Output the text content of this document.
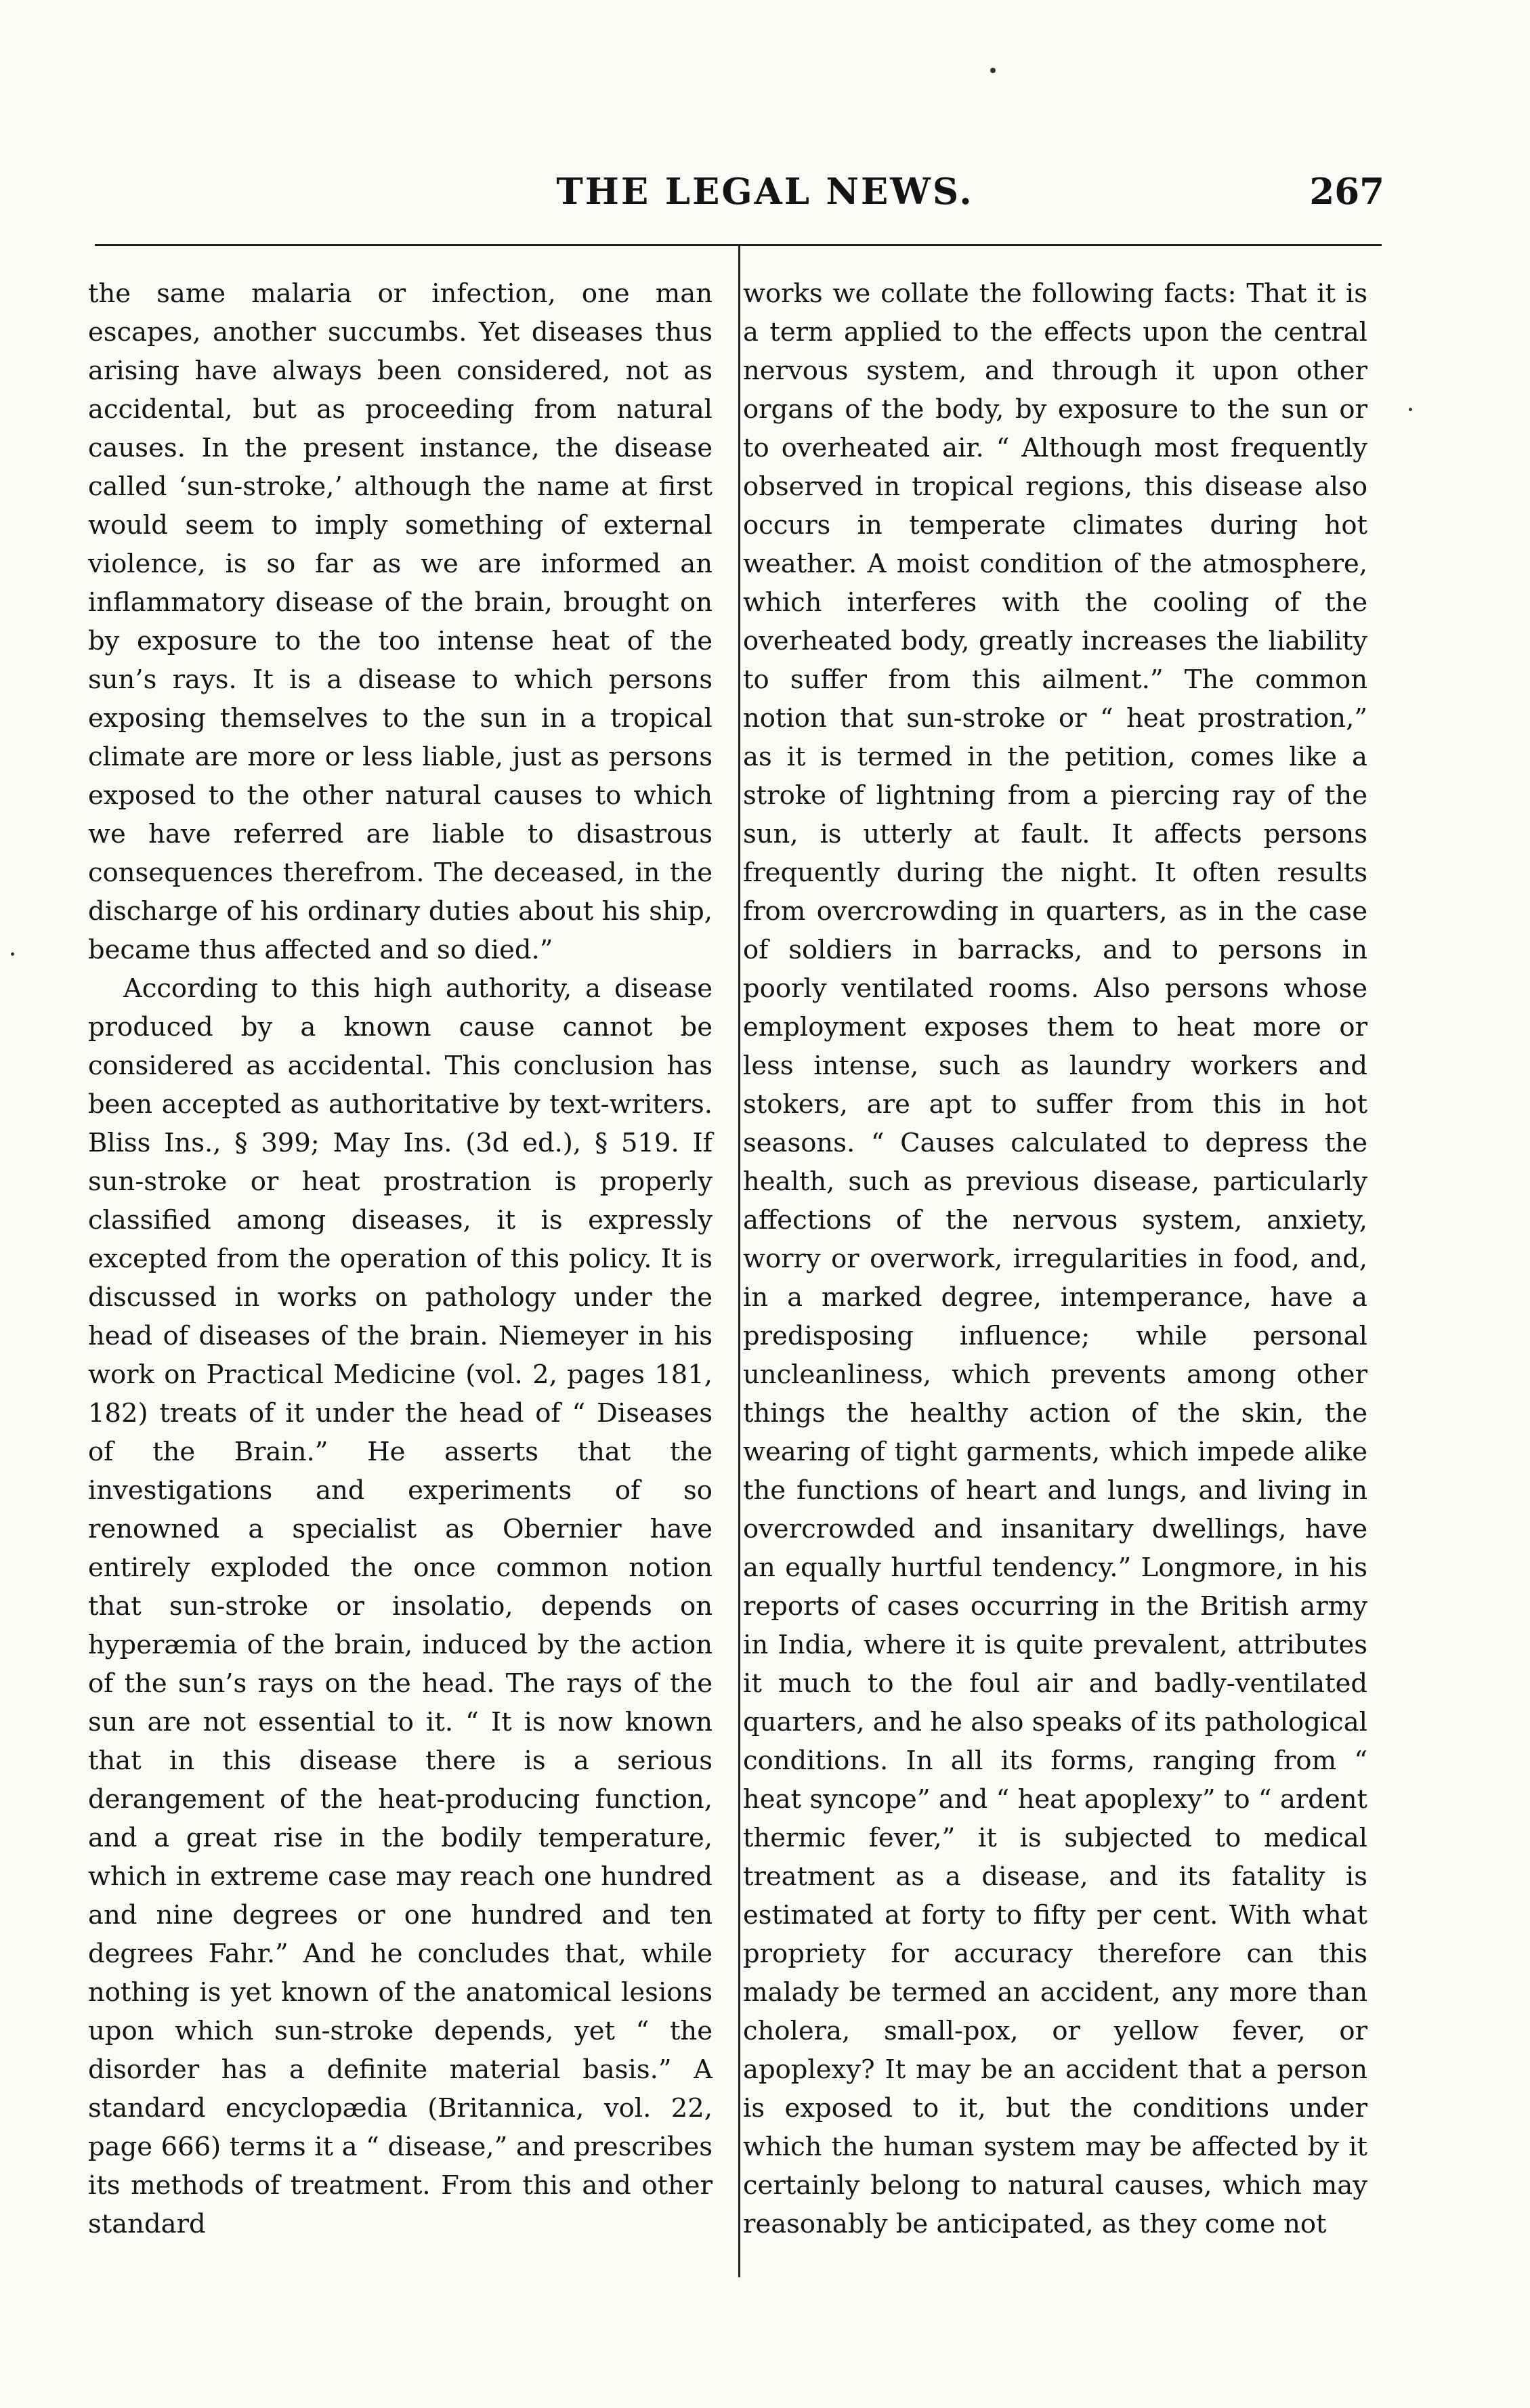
THE LEGAL NEWS.	267

the same malaria or infection, one man escapes, another succumbs. Yet diseases thus arising have always been considered, not as accidental, but as proceeding from natural causes. In the present instance, the disease called ‘sun-stroke,’ although the name at first would seem to imply something of external violence, is so far as we are informed an inflammatory disease of the brain, brought on by exposure to the too intense heat of the sun’s rays. It is a disease to which persons exposing themselves to the sun in a tropical climate are more or less liable, just as persons exposed to the other natural causes to which we have referred are liable to disastrous consequences therefrom. The deceased, in the discharge of his ordinary duties about his ship, became thus affected and so died.”

According to this high authority, a disease produced by a known cause cannot be considered as accidental. This conclusion has been accepted as authoritative by text-writers. Bliss Ins., § 399; May Ins. (3d ed.), § 519. If sun-stroke or heat prostration is properly classified among diseases, it is expressly excepted from the operation of this policy. It is discussed in works on pathology under the head of diseases of the brain. Niemeyer in his work on Practical Medicine (vol. 2, pages 181, 182) treats of it under the head of “ Diseases of the Brain.” He asserts that the investigations and experiments of so renowned a specialist as Obernier have entirely exploded the once common notion that sun-stroke or insolatio, depends on hyperæmia of the brain, induced by the action of the sun’s rays on the head. The rays of the sun are not essential to it. “ It is now known that in this disease there is a serious derangement of the heat-producing function, and a great rise in the bodily temperature, which in extreme case may reach one hundred and nine degrees or one hundred and ten degrees Fahr.” And he concludes that, while nothing is yet known of the anatomical lesions upon which sun-stroke depends, yet “ the disorder has a definite material basis.” A standard encyclopædia (Britannica, vol. 22, page 666) terms it a “ disease,” and prescribes its methods of treatment. From this and other standard

works we collate the following facts: That it is a term applied to the effects upon the central nervous system, and through it upon other organs of the body, by exposure to the sun or to overheated air. “ Although most frequently observed in tropical regions, this disease also occurs in temperate climates during hot weather. A moist condition of the atmosphere, which interferes with the cooling of the overheated body, greatly increases the liability to suffer from this ailment.” The common notion that sun-stroke or “ heat prostration,” as it is termed in the petition, comes like a stroke of lightning from a piercing ray of the sun, is utterly at fault. It affects persons frequently during the night. It often results from overcrowding in quarters, as in the case of soldiers in barracks, and to persons in poorly ventilated rooms. Also persons whose employment exposes them to heat more or less intense, such as laundry workers and stokers, are apt to suffer from this in hot seasons. “ Causes calculated to depress the health, such as previous disease, particularly affections of the nervous system, anxiety, worry or overwork, irregularities in food, and, in a marked degree, intemperance, have a predisposing influence; while personal uncleanliness, which prevents among other things the healthy action of the skin, the wearing of tight garments, which impede alike the functions of heart and lungs, and living in overcrowded and insanitary dwellings, have an equally hurtful tendency.” Longmore, in his reports of cases occurring in the British army in India, where it is quite prevalent, attributes it much to the foul air and badly-ventilated quarters, and he also speaks of its pathological conditions. In all its forms, ranging from “ heat syncope” and “ heat apoplexy” to “ ardent thermic fever,” it is subjected to medical treatment as a disease, and its fatality is estimated at forty to fifty per cent. With what propriety for accuracy therefore can this malady be termed an accident, any more than cholera, small-pox, or yellow fever, or apoplexy? It may be an accident that a person is exposed to it, but the conditions under which the human system may be affected by it certainly belong to natural causes, which may reasonably be anticipated, as they come not
